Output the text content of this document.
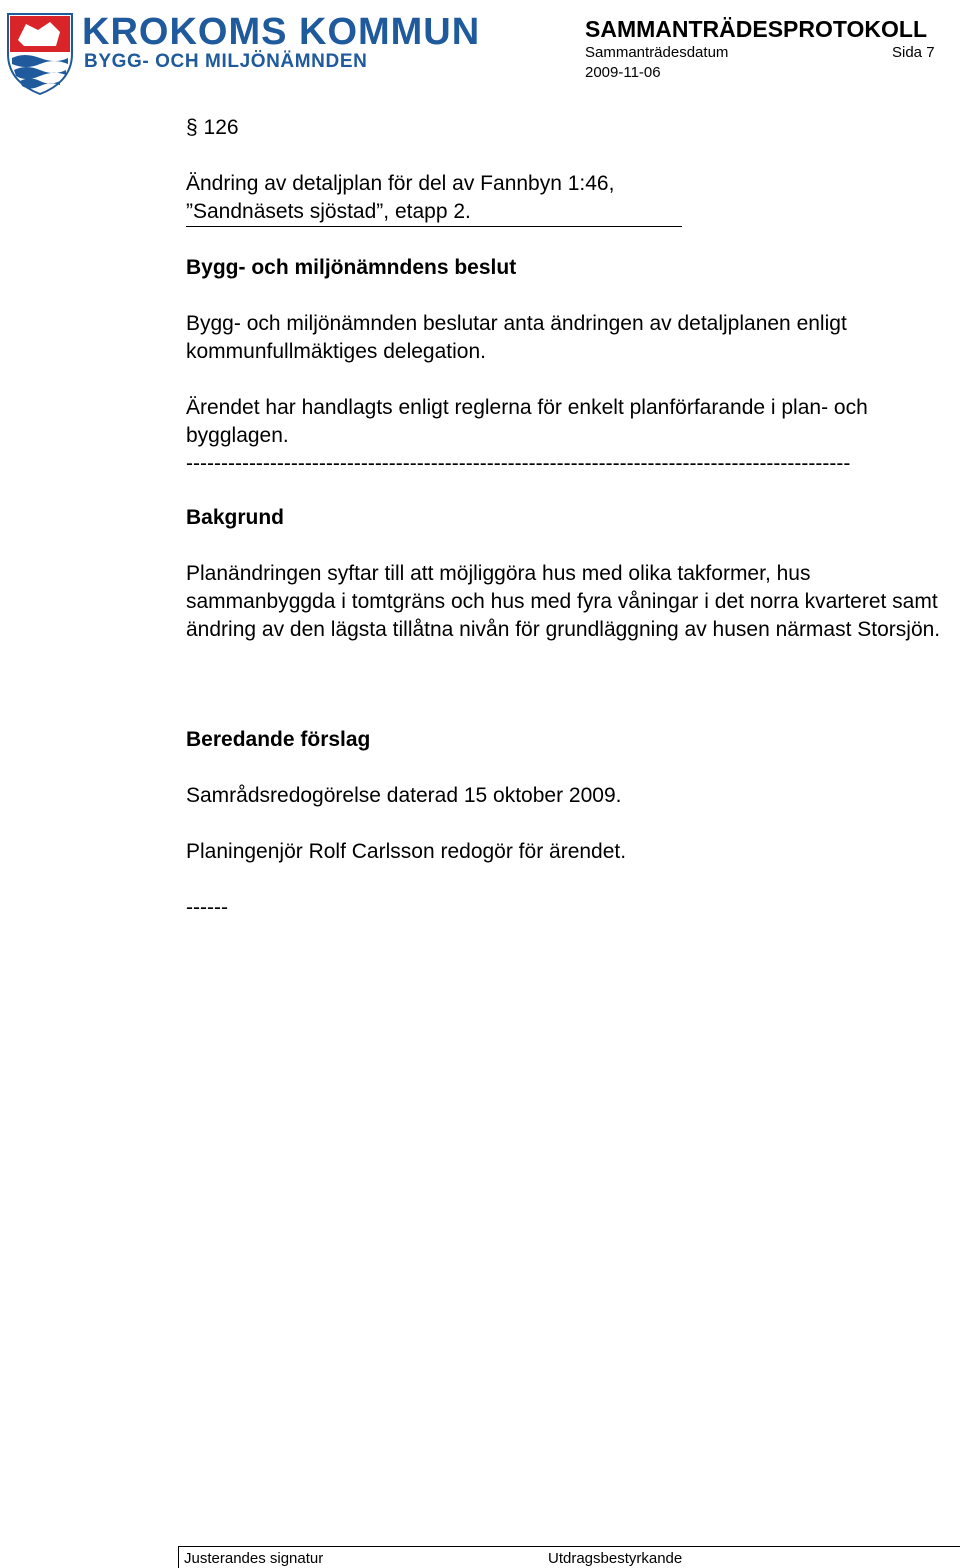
KROKOMS KOMMUN
BYGG- OCH MILJÖNÄMNDEN
SAMMANTRÄDESPROTOKOLL
Sammanträdesdatum	Sida 7
2009-11-06
§ 126
Ändring av detaljplan för del av Fannbyn 1:46,
”Sandnäsets sjöstad”, etapp 2.
Bygg- och miljönämndens beslut
Bygg- och miljönämnden beslutar anta ändringen av detaljplanen enligt kommunfullmäktiges delegation.
Ärendet har handlagts enligt reglerna för enkelt planförfarande i plan- och bygglagen.
-----------------------------------------------------------------------------------------------
Bakgrund
Planändringen syftar till att möjliggöra hus med olika takformer, hus sammanbyggda i tomtgräns och hus med fyra våningar i det norra kvarteret samt ändring av den lägsta tillåtna nivån för grundläggning av husen närmast Storsjön.
Beredande förslag
Samrådsredogörelse daterad 15 oktober 2009.
Planingenjör Rolf Carlsson redogör för ärendet.
------
Justerandes signatur	Utdragsbestyrkande
